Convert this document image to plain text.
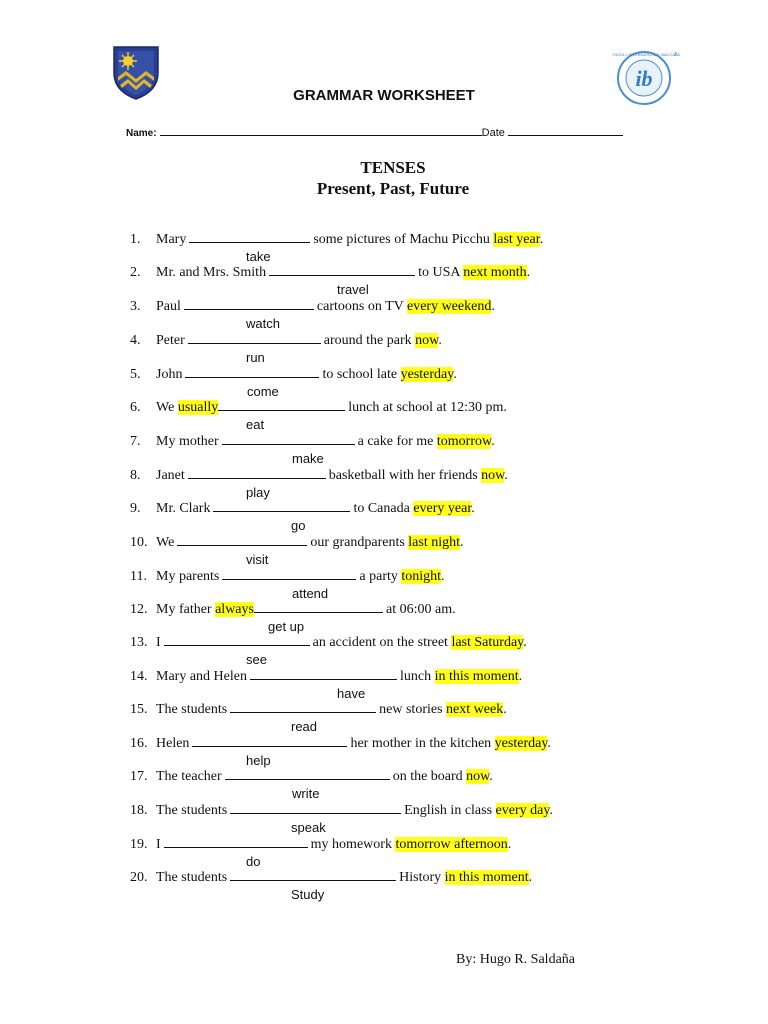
ib
CHOOL • INTERNATIONAL BACCALA
®
GRAMMAR WORKSHEET
Name:	Date
TENSES
Present, Past, Future
1. Mary	some pictures of Machu Picchu last year.
take
2. Mr. and Mrs. Smith	to USA next month.
travel
3. Paul	cartoons on TV every weekend.
watch
4. Peter	around the park now.
run
5. John	to school late yesterday.
come
6. We usually	lunch at school at 12:30 pm.
eat
7. My mother	a cake for me tomorrow.
make
8. Janet	basketball with her friends now.
play
9. Mr. Clark	to Canada every year.
go
10. We	our grandparents last night.
visit
11. My parents	a party tonight.
attend
12. My father always	at 06:00 am.
get up
13. I	an accident on the street last Saturday.
see
14. Mary and Helen	lunch in this moment.
have
15. The students	new stories next week.
read
16. Helen	her mother in the kitchen yesterday.
help
17. The teacher	on the board now.
write
18. The students	English in class every day.
speak
19. I	my homework tomorrow afternoon.
do
20. The students	History in this moment.
Study
By: Hugo R. Saldaña
